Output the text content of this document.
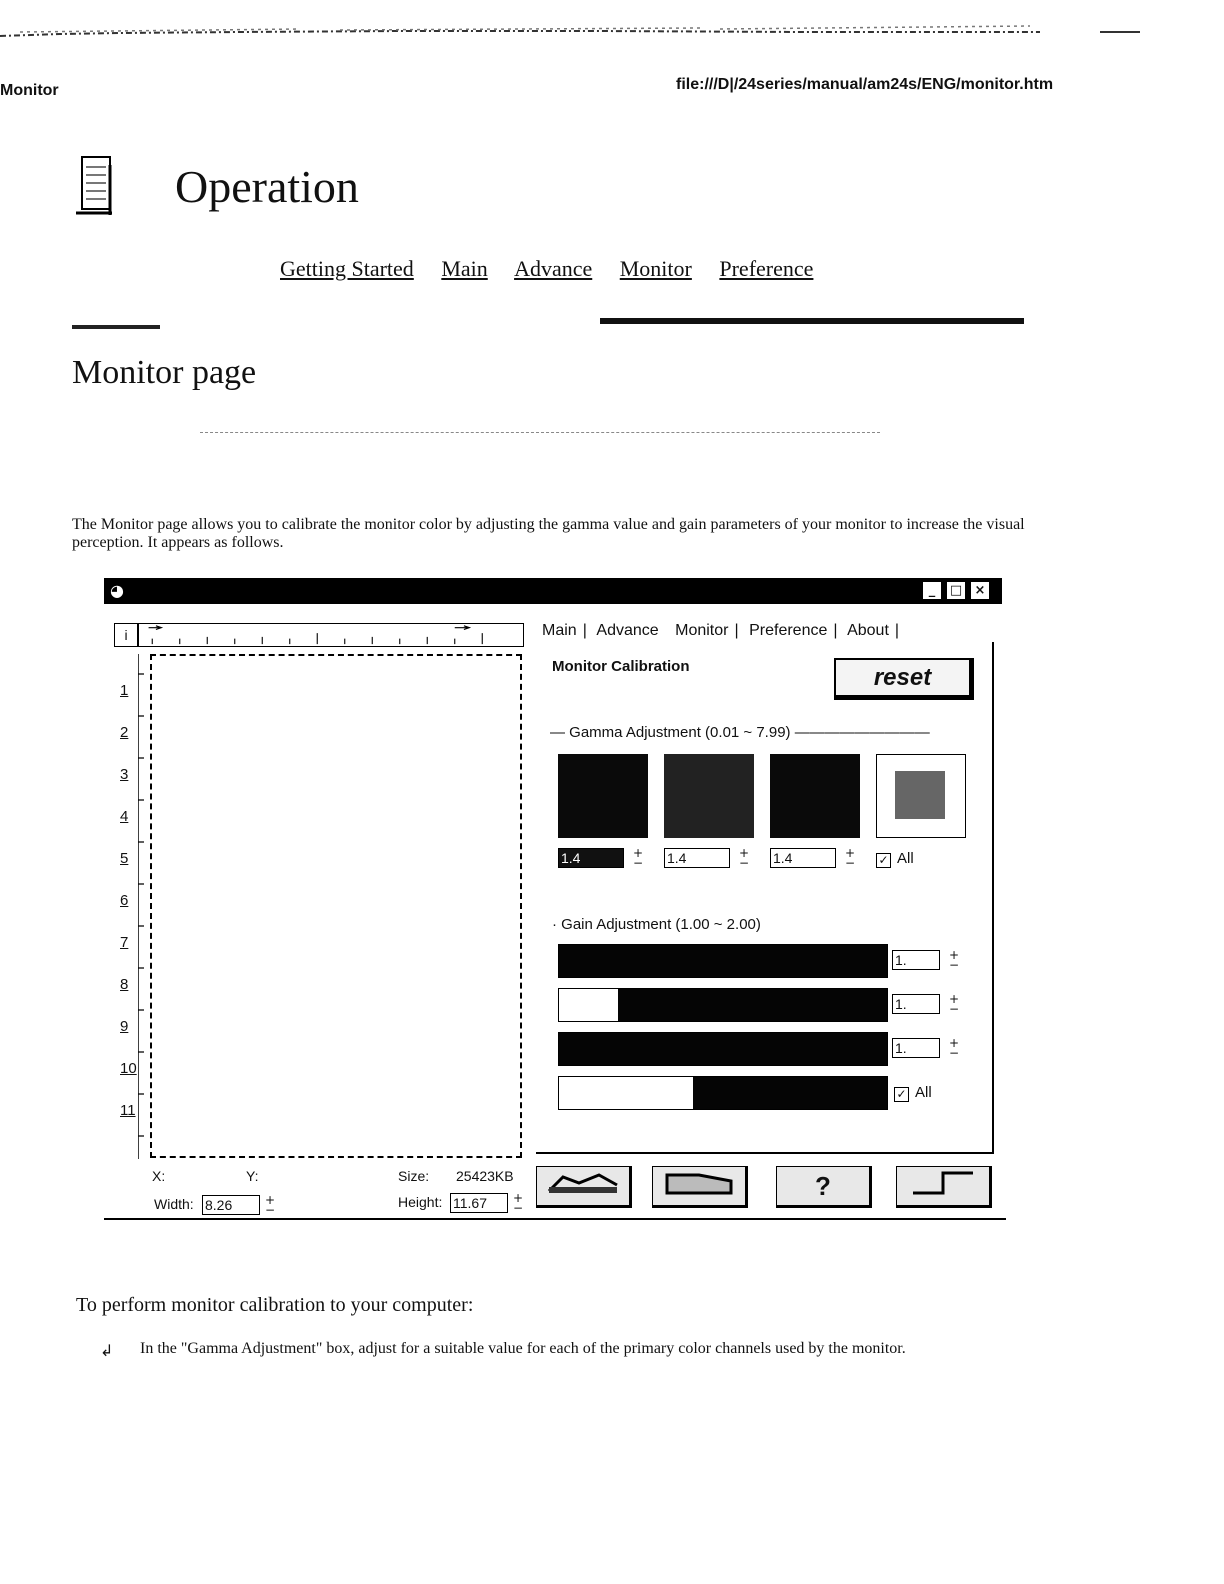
Monitor	file:///D|/24series/manual/am24s/ENG/monitor.htm
Operation
Getting Started Main Advance Monitor Preference
Monitor page
The Monitor page allows you to calibrate the monitor color by adjusting the gamma value and gain parameters of your monitor to increase the visual perception. It appears as follows.
◕	_	□ ×
i
1
2
3
4
5
6
7
8
9
10
11
X:	Y:	Size: 25423KB
Width: 8.26	+
−	Height: 11.67	+
−
Main | Advance Monitor | Preference | About |
Monitor Calibration	reset
— Gamma Adjustment (0.01 ~ 7.99) —————————
1.4	+
− 1.4	+
− 1.4	+
− ✓ All
· Gain Adjustment (1.00 ~ 2.00)
1.	+
−
1.	+
−
1.	+
−
✓ All
?
To perform monitor calibration to your computer:
↲ In the "Gamma Adjustment" box, adjust for a suitable value for each of the primary color channels used by the monitor.
